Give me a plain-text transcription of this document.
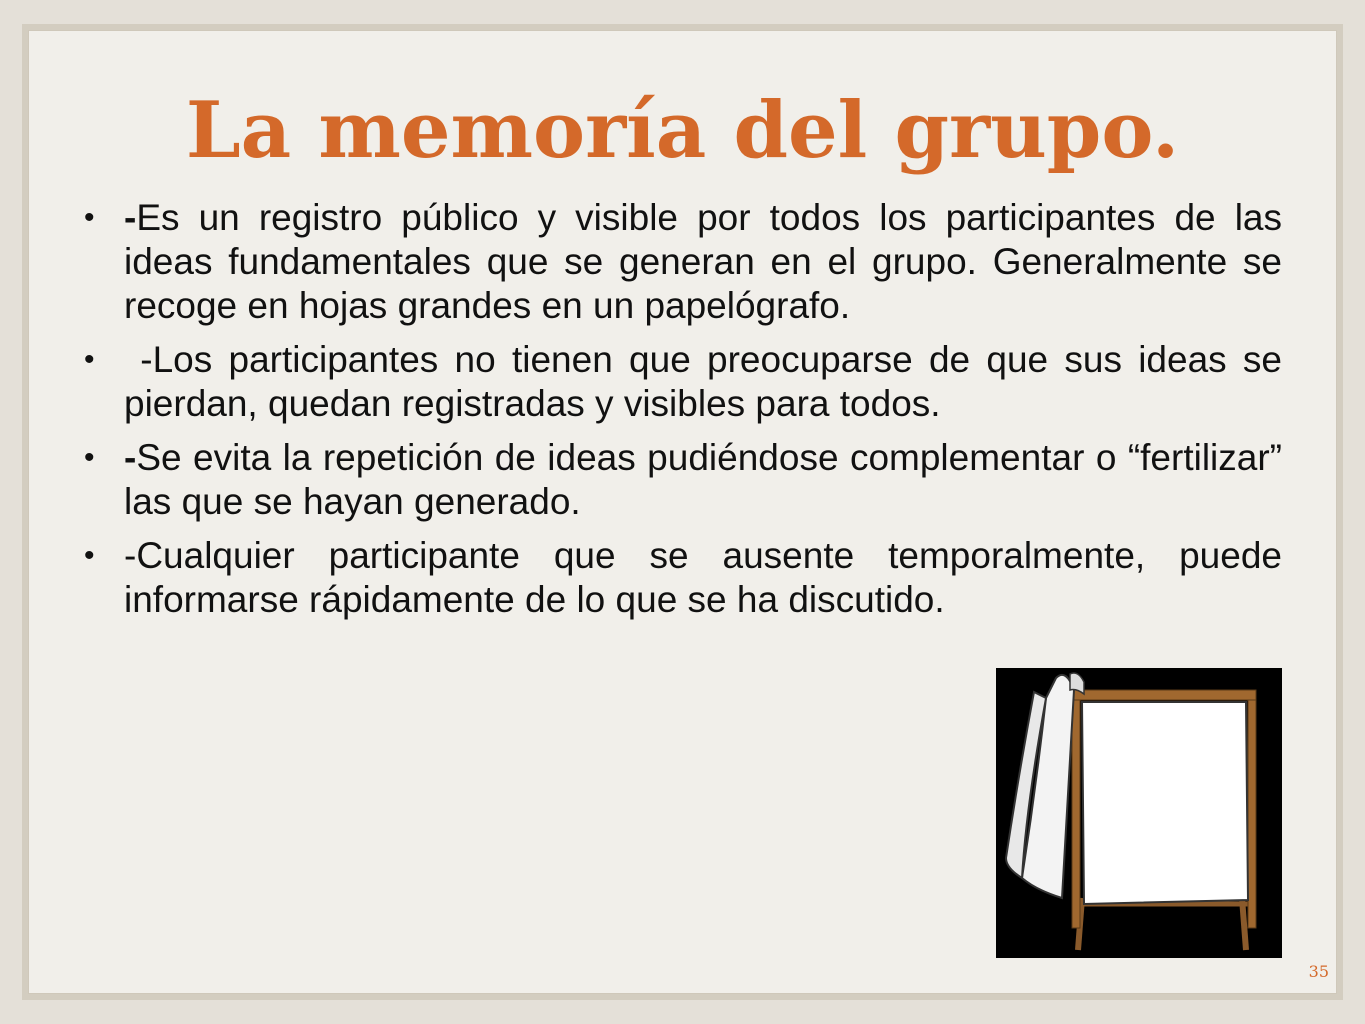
La memoría del grupo.
• -Es un registro público y visible por todos los participantes de las ideas fundamentales que se generan en el grupo. Generalmente se recoge en hojas grandes en un papelógrafo.
• -Los participantes no tienen que preocuparse de que sus ideas se pierdan, quedan registradas y visibles para todos.
• -Se evita la repetición de ideas pudiéndose complementar o “fertilizar” las que se hayan generado.
• -Cualquier participante que se ausente temporalmente, puede informarse rápidamente de lo que se ha discutido.
35
